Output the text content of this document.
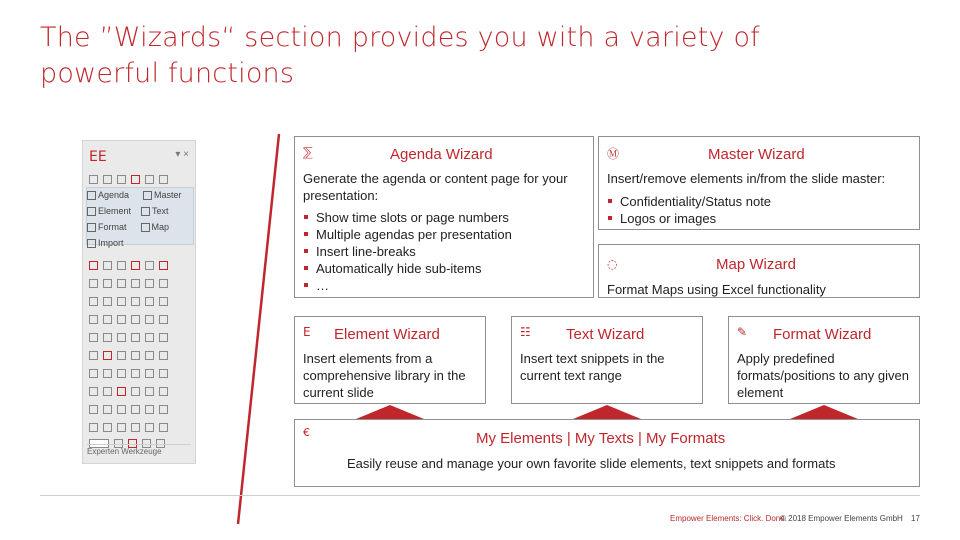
The ”Wizards“ section provides you with a variety of powerful functions
EE	▾ ×
Agenda	Master
Element Text
Format	Map
Import
Experten Werkzeuge
⅀	Agenda Wizard
Generate the agenda or content page for your presentation:
Show time slots or page numbers
Multiple agendas per presentation
Insert line-breaks
Automatically hide sub-items
…
Ⓜ	Master Wizard
Insert/remove elements in/from the slide master:
Confidentiality/Status note
Logos or images
◌	Map Wizard
Format Maps using Excel functionality
𝖤 Element Wizard
Insert elements from a comprehensive library in the current slide
☷ Text Wizard
Insert text snippets in the current text range
✎ Format Wizard
Apply predefined formats/positions to any given element
€	My Elements | My Texts | My Formats
Easily reuse and manage your own favorite slide elements, text snippets and formats
Empower Elements: Click. Done.
© 2018 Empower Elements GmbH 17
